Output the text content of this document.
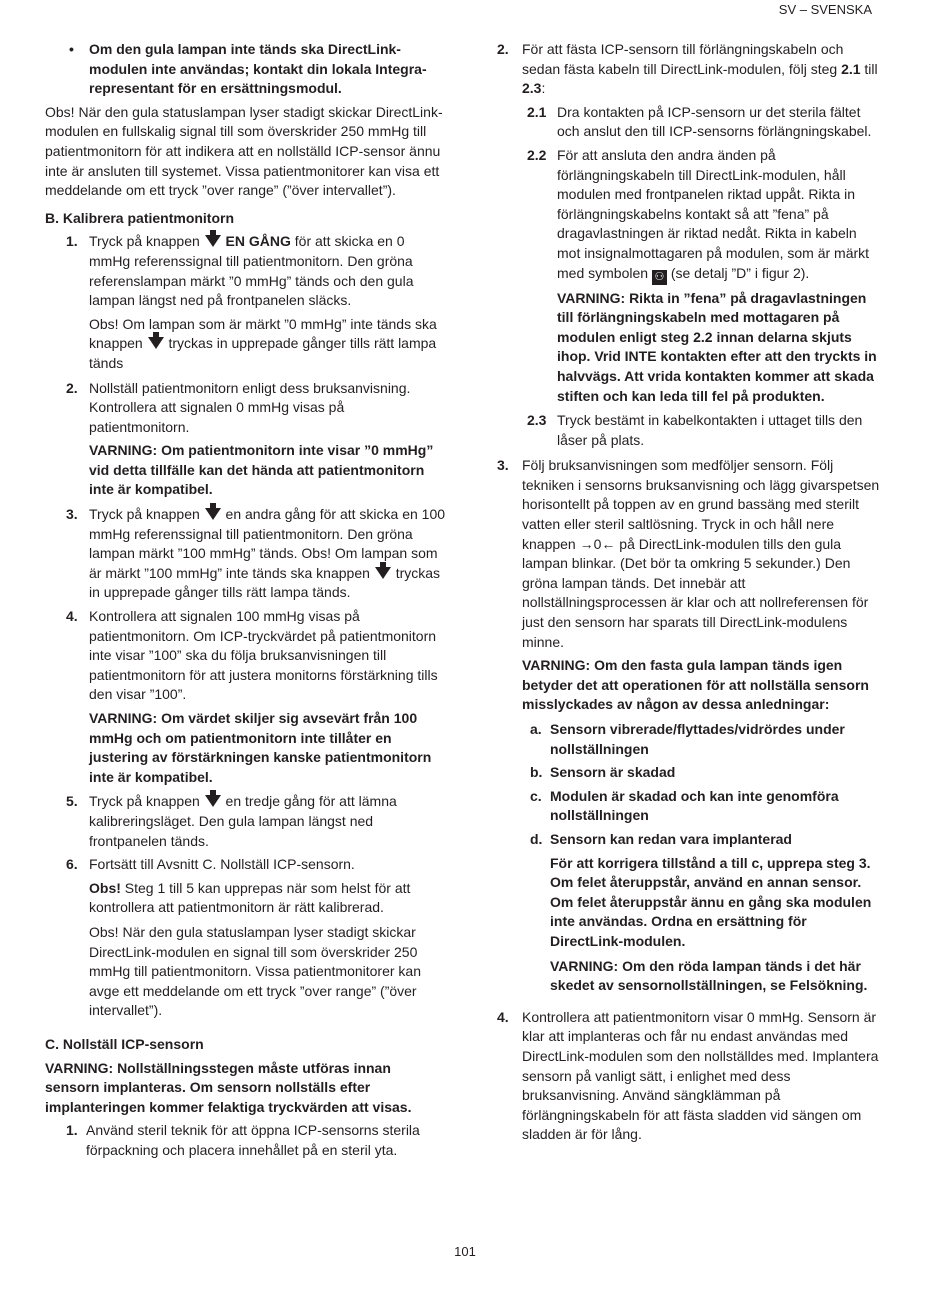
SV – SVENSKA
• Om den gula lampan inte tänds ska DirectLink-modulen inte användas; kontakt din lokala Integra-representant för en ersättningsmodul.

Obs! När den gula statuslampan lyser stadigt skickar DirectLink-modulen en fullskalig signal till som överskrider 250 mmHg till patientmonitorn för att indikera att en nollställd ICP-sensor ännu inte är ansluten till systemet. Vissa patientmonitorer kan visa ett meddelande om ett tryck ”over range” (”över intervallet”).

B. Kalibrera patientmonitorn
1. Tryck på knappen EN GÅNG för att skicka en 0 mmHg referenssignal till patientmonitorn. Den gröna referenslampan märkt ”0 mmHg” tänds och den gula lampan längst ned på frontpanelen släcks.
Obs! Om lampan som är märkt ”0 mmHg” inte tänds ska knappen tryckas in upprepade gånger tills rätt lampa tänds
2. Nollställ patientmonitorn enligt dess bruksanvisning. Kontrollera att signalen 0 mmHg visas på patientmonitorn.
VARNING: Om patientmonitorn inte visar ”0 mmHg” vid detta tillfälle kan det hända att patientmonitorn inte är kompatibel.
3. Tryck på knappen en andra gång för att skicka en 100 mmHg referenssignal till patientmonitorn. Den gröna lampan märkt ”100 mmHg” tänds. Obs! Om lampan som är märkt ”100 mmHg” inte tänds ska knappen tryckas in upprepade gånger tills rätt lampa tänds.
4. Kontrollera att signalen 100 mmHg visas på patientmonitorn. Om ICP-tryckvärdet på patientmonitorn inte visar ”100” ska du följa bruksanvisningen till patientmonitorn för att justera monitorns förstärkning tills den visar ”100”.
VARNING: Om värdet skiljer sig avsevärt från 100 mmHg och om patientmonitorn inte tillåter en justering av förstärkningen kanske patientmonitorn inte är kompatibel.
5. Tryck på knappen en tredje gång för att lämna kalibreringsläget. Den gula lampan längst ned frontpanelen tänds.
6. Fortsätt till Avsnitt C. Nollställ ICP-sensorn.
Obs! Steg 1 till 5 kan upprepas när som helst för att kontrollera att patientmonitorn är rätt kalibrerad.
Obs! När den gula statuslampan lyser stadigt skickar DirectLink-modulen en signal till som överskrider 250 mmHg till patientmonitorn. Vissa patientmonitorer kan avge ett meddelande om ett tryck ”over range” (”över intervallet”).
C. Nollställ ICP-sensorn

VARNING: Nollställningsstegen måste utföras innan sensorn implanteras. Om sensorn nollställs efter implanteringen kommer felaktiga tryckvärden att visas.

1. Använd steril teknik för att öppna ICP-sensorns sterila förpackning och placera innehållet på en steril yta.
2. För att fästa ICP-sensorn till förlängningskabeln och sedan fästa kabeln till DirectLink-modulen, följ steg 2.1 till 2.3:
2.1 Dra kontakten på ICP-sensorn ur det sterila fältet och anslut den till ICP-sensorns förlängningskabel.
2.2 För att ansluta den andra änden på förlängningskabeln till DirectLink-modulen, håll modulen med frontpanelen riktad uppåt. Rikta in förlängningskabelns kontakt så att ”fena” på dragavlastningen är riktad nedåt. Rikta in kabeln mot insignalmottagaren på modulen, som är märkt med symbolen ⚇ (se detalj ”D” i figur 2).
VARNING: Rikta in ”fena” på dragavlastningen till förlängningskabeln med mottagaren på modulen enligt steg 2.2 innan delarna skjuts ihop. Vrid INTE kontakten efter att den tryckts in halvvägs. Att vrida kontakten kommer att skada stiften och kan leda till fel på produkten.
2.3 Tryck bestämt in kabelkontakten i uttaget tills den låser på plats.
3. Följ bruksanvisningen som medföljer sensorn. Följ tekniken i sensorns bruksanvisning och lägg givarspetsen horisontellt på toppen av en grund bassäng med sterilt vatten eller steril saltlösning. Tryck in och håll nere knappen →0← på DirectLink-modulen tills den gula lampan blinkar. (Det bör ta omkring 5 sekunder.) Den gröna lampan tänds. Det innebär att nollställningsprocessen är klar och att nollreferensen för just den sensorn har sparats till DirectLink-modulens minne.
VARNING: Om den fasta gula lampan tänds igen betyder det att operationen för att nollställa sensorn misslyckades av någon av dessa anledningar:
a. Sensorn vibrerade/flyttades/vidrördes under nollställningen
b. Sensorn är skadad
c. Modulen är skadad och kan inte genomföra nollställningen
d. Sensorn kan redan vara implanterad
För att korrigera tillstånd a till c, upprepa steg 3. Om felet återuppstår, använd en annan sensor. Om felet återuppstår ännu en gång ska modulen inte användas. Ordna en ersättning för DirectLink-modulen.
VARNING: Om den röda lampan tänds i det här skedet av sensornollställningen, se Felsökning.
4. Kontrollera att patientmonitorn visar 0 mmHg. Sensorn är klar att implanteras och får nu endast användas med DirectLink-modulen som den nollställdes med. Implantera sensorn på vanligt sätt, i enlighet med dess bruksanvisning. Använd sängklämman på förlängningskabeln för att fästa sladden vid sängen om sladden är för lång.
101
